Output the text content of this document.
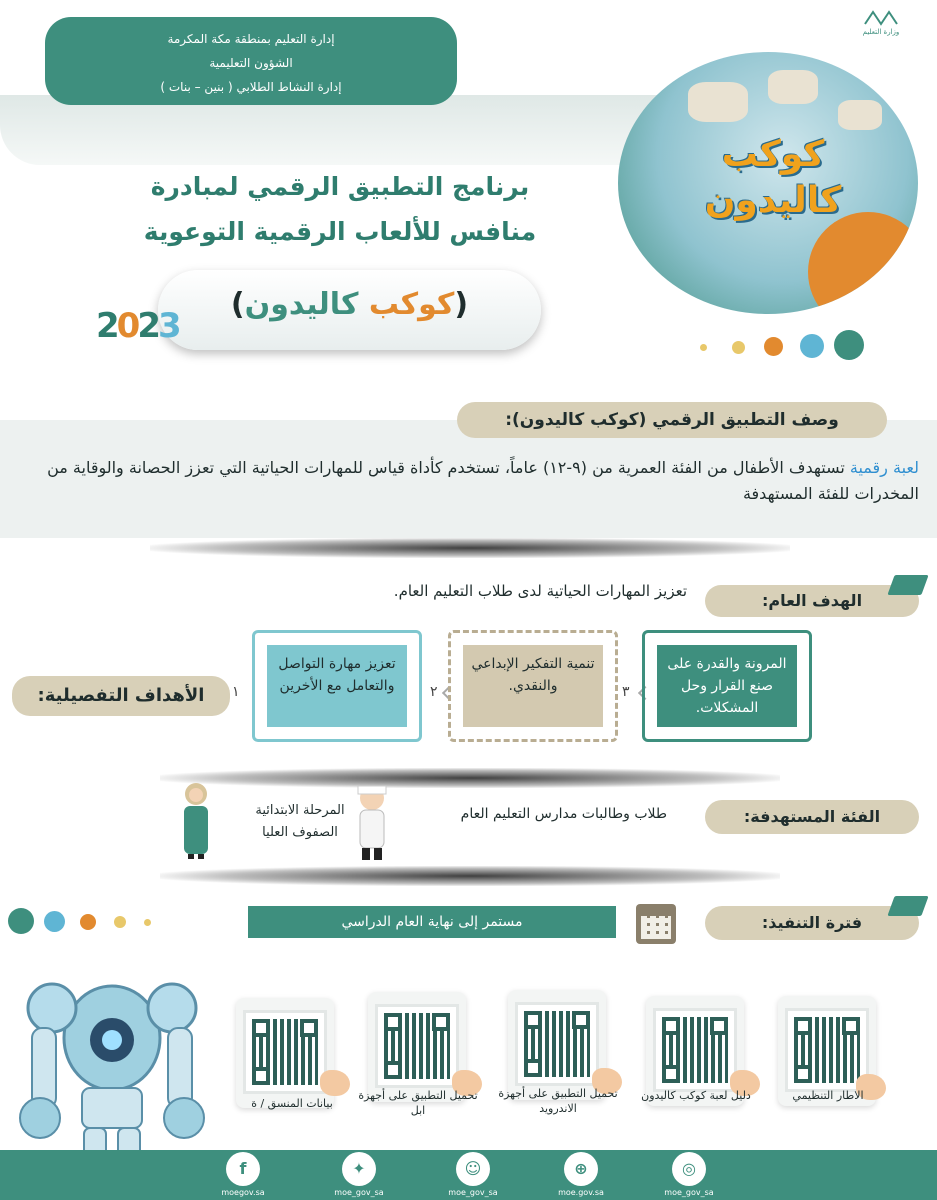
وزارة التعليم
إدارة التعليم بمنطقة مكة المكرمة
الشؤون التعليمية
إدارة النشاط الطلابي ( بنين – بنات )
كوكب
كاليدون
برنامج التطبيق الرقمي لمبادرة
منافس للألعاب الرقمية التوعوية
(كوكب كاليدون)
2023
وصف التطبيق الرقمي (كوكب كاليدون):
لعبة رقمية تستهدف الأطفال من الفئة العمرية من (٩-١٢) عاماً، تستخدم كأداة قياس للمهارات الحياتية التي تعزز الحصانة والوقاية من المخدرات للفئة المستهدفة
الهدف العام:
تعزيز المهارات الحياتية لدى طلاب التعليم العام.
الأهداف التفصيلية:	١
تعزيز مهارة التواصل والتعامل مع الأخرين	٢
تنمية التفكير الإبداعي والنقدي.	٣
المرونة والقدرة على صنع القرار وحل المشكلات.
الفئة المستهدفة:
طلاب وطالبات مدارس التعليم العام
المرحلة الابتدائية
الصفوف العليا
فترة التنفيذ:
مستمر إلى نهاية العام الدراسي
الاطار التنظيمي
دليل لعبة كوكب كاليدون
تحميل التطبيق على أجهزة الاندرويد
تحميل التطبيق على أجهزة ابل
بيانات المنسق / ة
◎
moe_gov_sa
⊕
moe.gov.sa
☺
moe_gov_sa
✦
moe_gov_sa
f
moegov.sa
